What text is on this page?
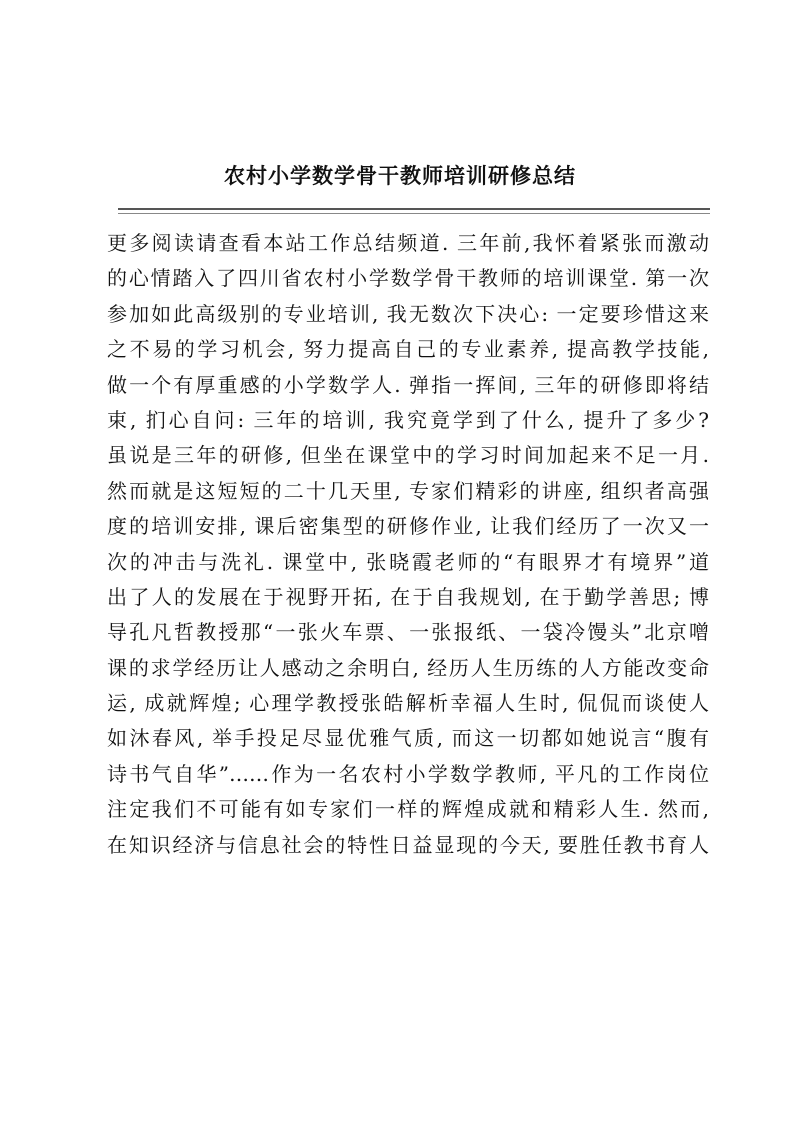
农村小学数学骨干教师培训研修总结
更多阅读请查看本站工作总结频道. 三年前,我怀着紧张而激动
的心情踏入了四川省农村小学数学骨干教师的培训课堂. 第一次
参加如此高级别的专业培训, 我无数次下决心: 一定要珍惜这来
之不易的学习机会, 努力提高自己的专业素养, 提高教学技能,
做一个有厚重感的小学数学人. 弹指一挥间, 三年的研修即将结
束, 扪心自问: 三年的培训, 我究竟学到了什么, 提升了多少?
虽说是三年的研修, 但坐在课堂中的学习时间加起来不足一月.
然而就是这短短的二十几天里, 专家们精彩的讲座, 组织者高强
度的培训安排, 课后密集型的研修作业, 让我们经历了一次又一
次的冲击与洗礼. 课堂中, 张晓霞老师的“有眼界才有境界”道
出了人的发展在于视野开拓, 在于自我规划, 在于勤学善思; 博
导孔凡哲教授那“一张火车票、一张报纸、一袋冷馒头”北京噌
课的求学经历让人感动之余明白, 经历人生历练的人方能改变命
运, 成就辉煌; 心理学教授张皓解析幸福人生时, 侃侃而谈使人
如沐春风, 举手投足尽显优雅气质, 而这一切都如她说言“腹有
诗书气自华”……作为一名农村小学数学教师, 平凡的工作岗位
注定我们不可能有如专家们一样的辉煌成就和精彩人生. 然而,
在知识经济与信息社会的特性日益显现的今天, 要胜任教书育人
